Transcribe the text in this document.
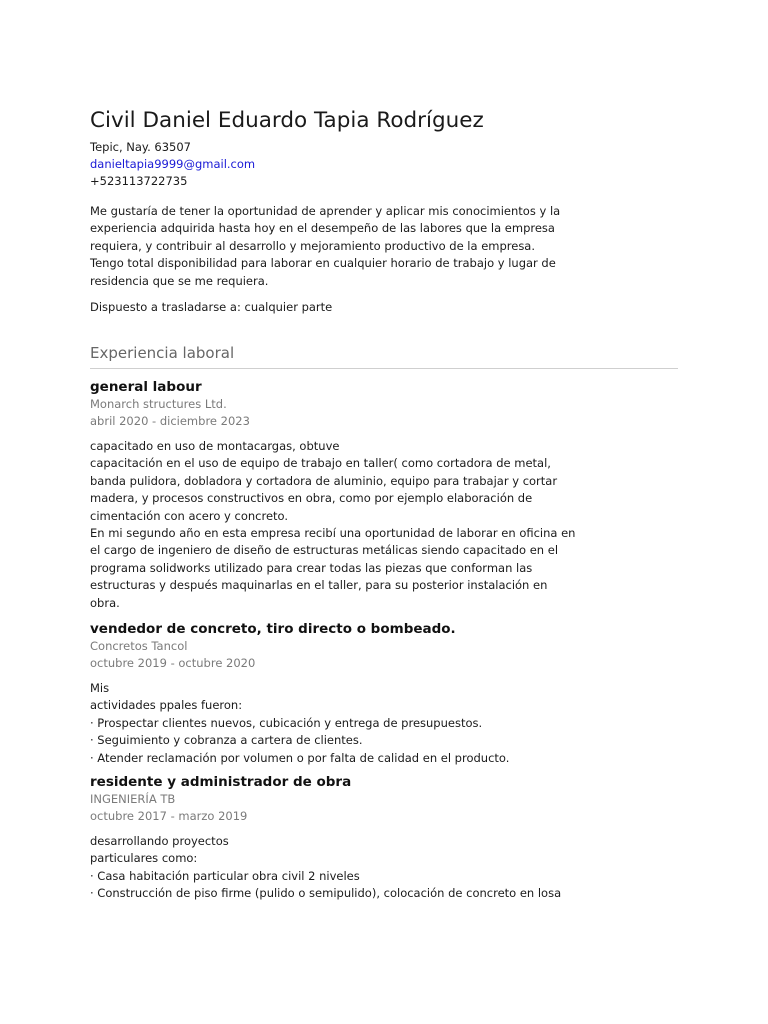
Civil Daniel Eduardo Tapia Rodríguez
Tepic, Nay. 63507
danieltapia9999@gmail.com
+523113722735
Me gustaría de tener la oportunidad de aprender y aplicar mis conocimientos y la
experiencia adquirida hasta hoy en el desempeño de las labores que la empresa
requiera, y contribuir al desarrollo y mejoramiento productivo de la empresa.
Tengo total disponibilidad para laborar en cualquier horario de trabajo y lugar de
residencia que se me requiera.
Dispuesto a trasladarse a: cualquier parte
Experiencia laboral
general labour
Monarch structures Ltd.
abril 2020 - diciembre 2023
capacitado en uso de montacargas, obtuve
capacitación en el uso de equipo de trabajo en taller( como cortadora de metal,
banda pulidora, dobladora y cortadora de aluminio, equipo para trabajar y cortar
madera, y procesos constructivos en obra, como por ejemplo elaboración de
cimentación con acero y concreto.
En mi segundo año en esta empresa recibí una oportunidad de laborar en oficina en
el cargo de ingeniero de diseño de estructuras metálicas siendo capacitado en el
programa solidworks utilizado para crear todas las piezas que conforman las
estructuras y después maquinarlas en el taller, para su posterior instalación en
obra.
vendedor de concreto, tiro directo o bombeado.
Concretos Tancol
octubre 2019 - octubre 2020
Mis
actividades ppales fueron:
· Prospectar clientes nuevos, cubicación y entrega de presupuestos.
· Seguimiento y cobranza a cartera de clientes.
· Atender reclamación por volumen o por falta de calidad en el producto.
residente y administrador de obra
INGENIERÍA TB
octubre 2017 - marzo 2019
desarrollando proyectos
particulares como:
· Casa habitación particular obra civil 2 niveles
· Construcción de piso firme (pulido o semipulido), colocación de concreto en losa
